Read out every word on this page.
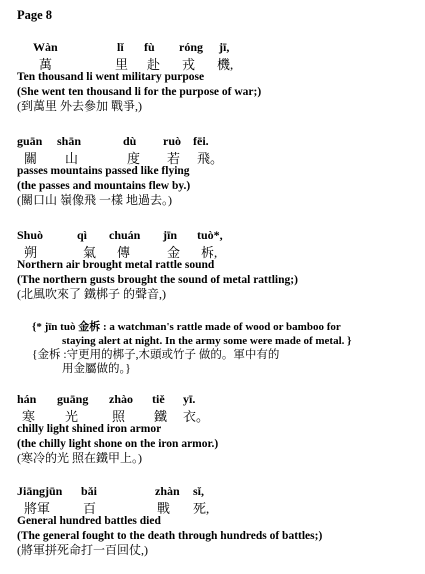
Page 8
Wàn	lǐ fù róng jī,
萬	里 赴 戎 機,
Ten thousand li went military purpose
(She went ten thousand li for the purpose of war;)
(到萬里 外去參加 戰爭,)
guān shān	dù ruò fēi.
關 山	度 若 飛。
passes mountains passed like flying
(the passes and mountains flew by.)
(關口山 嶺像飛 一樣 地過去。)
Shuò	qì chuán jīn tuò*,
朔	氣 傳	金 柝,
Northern air brought metal rattle sound
(The northern gusts brought the sound of metal rattling;)
(北風吹來了 鐵梆子 的聲音,)
{* jīn tuò 金柝 : a watchman's rattle made of wood or bamboo for
staying alert at night. In the army some were made of metal. }
{金柝 :守更用的梆子,木頭或竹子 做的。軍中有的
用金屬做的。}
hán guāng zhào tiě yī.
寒 光	照 鐵 衣。
chilly light shined iron armor
(the chilly light shone on the iron armor.)
(寒冷的光 照在鐵甲上。)
Jiāngjūn bǎi	zhàn sǐ,
將軍	百	戰 死,
General hundred battles died
(The general fought to the death through hundreds of battles;)
(將軍拼死命打一百回仗,)
